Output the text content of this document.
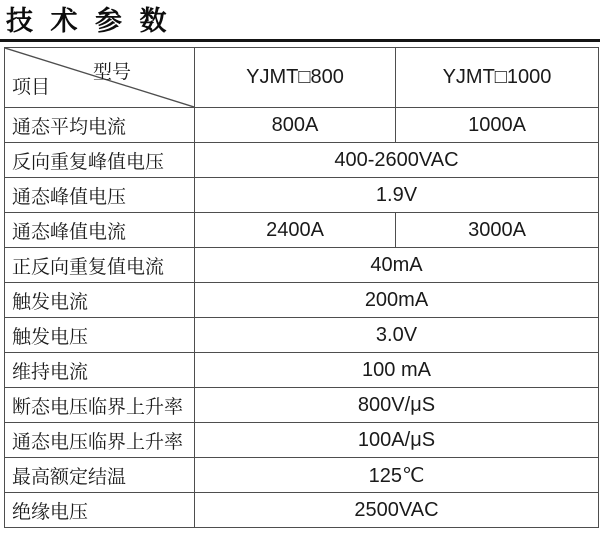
技 术 参 数
型号
项目	YJMT□800	YJMT□1000
通态平均电流	800A	1000A
反向重复峰值电压	400-2600VAC	
通态峰值电压	1.9V	
通态峰值电流	2400A	3000A
正反向重复值电流	40mA	
触发电流	200mA	
触发电压	3.0V	
维持电流	100 mA	
断态电压临界上升率	800V/μS	
通态电压临界上升率	100A/μS	
最高额定结温	125℃	
绝缘电压	2500VAC	
